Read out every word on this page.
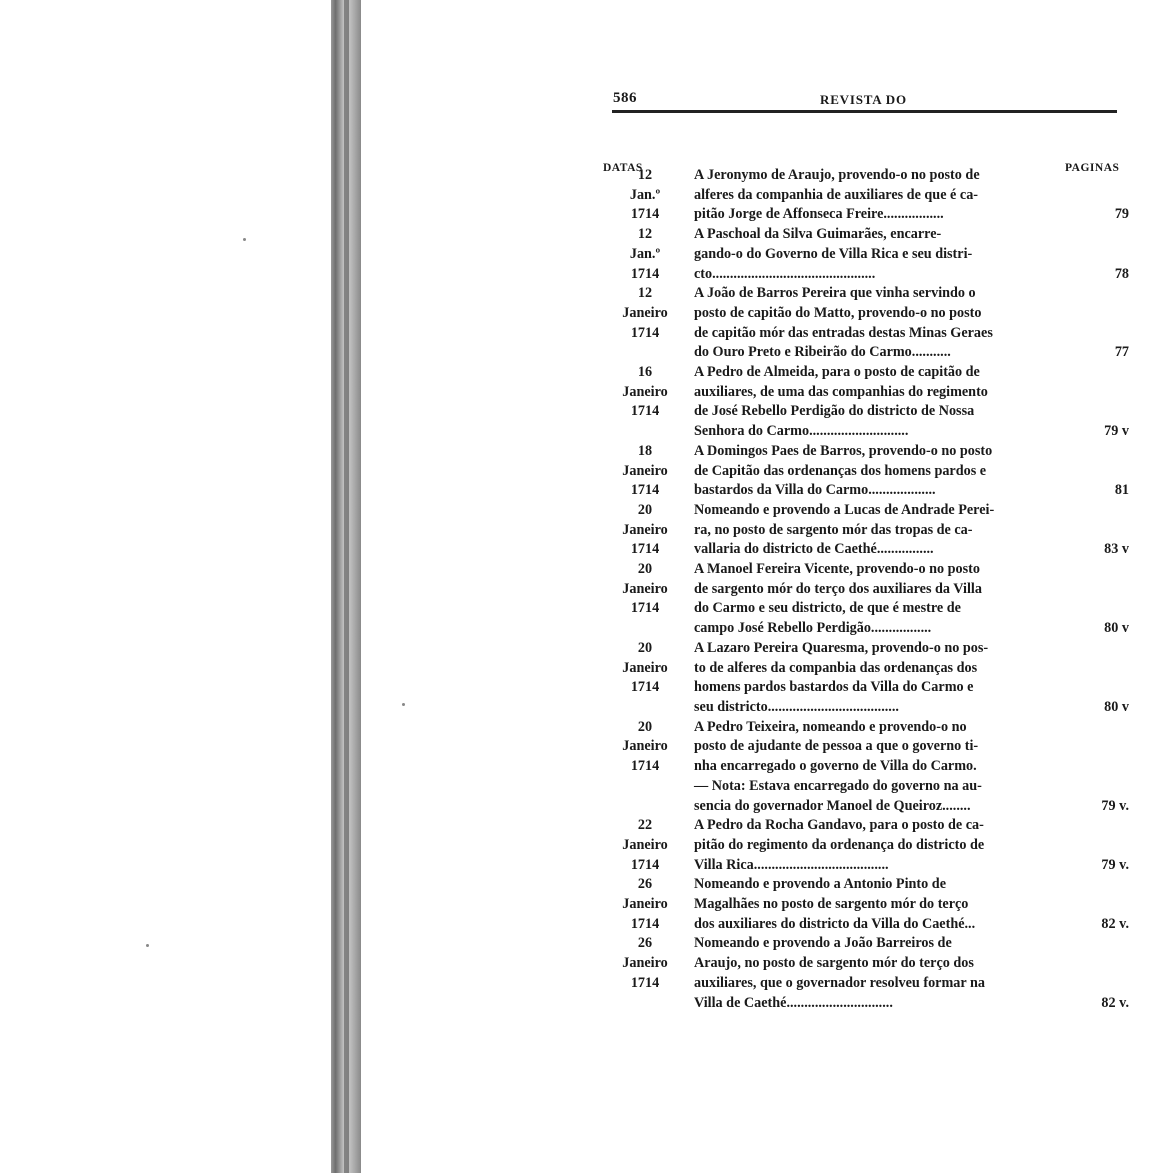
586	REVISTA DO
DATAS	PAGINAS
12
Jan.º
1714
A Jeronymo de Araujo, provendo-o no posto de
alferes da companhia de auxiliares de que é ca-
pitão Jorge de Affonseca Freire.................	79
12
Jan.º
1714
A Paschoal da Silva Guimarães, encarre-
gando-o do Governo de Villa Rica e seu distri-
cto..............................................	78
12
Janeiro
1714
A João de Barros Pereira que vinha servindo o
posto de capitão do Matto, provendo-o no posto
de capitão mór das entradas destas Minas Geraes
do Ouro Preto e Ribeirão do Carmo...........	77
16
Janeiro
1714
A Pedro de Almeida, para o posto de capitão de
auxiliares, de uma das companhias do regimento
de José Rebello Perdigão do districto de Nossa
Senhora do Carmo............................	79 v
18
Janeiro
1714
A Domingos Paes de Barros, provendo-o no posto
de Capitão das ordenanças dos homens pardos e
bastardos da Villa do Carmo...................	81
20
Janeiro
1714
Nomeando e provendo a Lucas de Andrade Perei-
ra, no posto de sargento mór das tropas de ca-
vallaria do districto de Caethé................	83 v
20
Janeiro
1714
A Manoel Fereira Vicente, provendo-o no posto
de sargento mór do terço dos auxiliares da Villa
do Carmo e seu districto, de que é mestre de
campo José Rebello Perdigão.................	80 v
20
Janeiro
1714
A Lazaro Pereira Quaresma, provendo-o no pos-
to de alferes da companbia das ordenanças dos
homens pardos bastardos da Villa do Carmo e
seu districto.....................................	80 v
20
Janeiro
1714
A Pedro Teixeira, nomeando e provendo-o no
posto de ajudante de pessoa a que o governo ti-
nha encarregado o governo de Villa do Carmo.
— Nota: Estava encarregado do governo na au-
sencia do governador Manoel de Queiroz........	79 v.
22
Janeiro
1714
A Pedro da Rocha Gandavo, para o posto de ca-
pitão do regimento da ordenança do districto de
Villa Rica......................................	79 v.
26
Janeiro
1714
Nomeando e provendo a Antonio Pinto de
Magalhães no posto de sargento mór do terço
dos auxiliares do districto da Villa do Caethé...	82 v.
26
Janeiro
1714
Nomeando e provendo a João Barreiros de
Araujo, no posto de sargento mór do terço dos
auxiliares, que o governador resolveu formar na
Villa de Caethé..............................	82 v.
